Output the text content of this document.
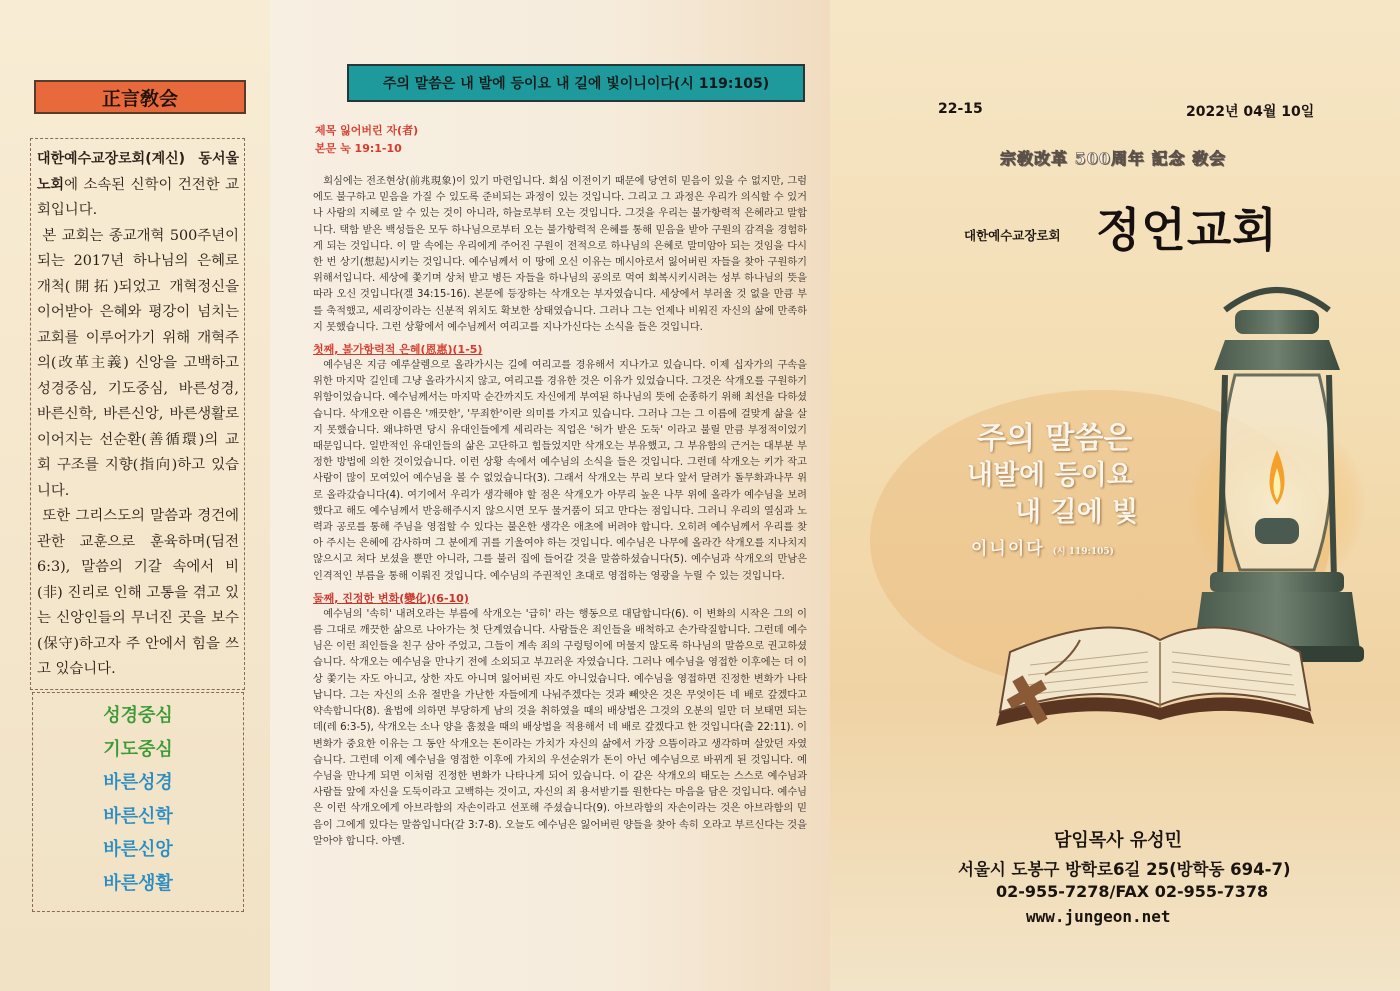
正言敎会

대한예수교장로회(계신) 동서울 노회에 소속된 신학이 건전한 교회입니다.

본 교회는 종교개혁 500주년이 되는 2017년 하나님의 은혜로 개척(開拓)되었고 개혁정신을 이어받아 은혜와 평강이 넘치는 교회를 이루어가기 위해 개혁주의(改革主義) 신앙을 고백하고 성경중심, 기도중심, 바른성경, 바른신학, 바른신앙, 바른생활로 이어지는 선순환(善循環)의 교회 구조를 지향(指向)하고 있습니다.

또한 그리스도의 말씀과 경건에 관한 교훈으로 훈육하며(딤전 6:3), 말씀의 기갈 속에서 비(非) 진리로 인해 고통을 겪고 있는 신앙인들의 무너진 곳을 보수(保守)하고자 주 안에서 힘을 쓰고 있습니다.

성경중심
기도중심
바른성경
바른신학
바른신앙
바른생활
주의 말씀은 내 발에 등이요 내 길에 빛이니이다(시 119:105)
제목 잃어버린 자(者)
본문 눅 19:1-10

회심에는 전조현상(前兆現象)이 있기 마련입니다. 회심 이전이기 때문에 당연히 믿음이 있을 수 없지만, 그럼에도 불구하고 믿음을 가질 수 있도록 준비되는 과정이 있는 것입니다. 그리고 그 과정은 우리가 의식할 수 있거나 사람의 지혜로 알 수 있는 것이 아니라, 하늘로부터 오는 것입니다. 그것을 우리는 불가항력적 은혜라고 말합니다. 택함 받은 백성들은 모두 하나님으로부터 오는 불가항력적 은혜를 통해 믿음을 받아 구원의 감격을 경험하게 되는 것입니다. 이 말 속에는 우리에게 주어진 구원이 전적으로 하나님의 은혜로 말미암아 되는 것임을 다시 한 번 상기(想起)시키는 것입니다. 예수님께서 이 땅에 오신 이유는 메시아로서 잃어버린 자들을 찾아 구원하기 위해서입니다. 세상에 쫓기며 상처 받고 병든 자들을 하나님의 공의로 먹여 회복시키시려는 성부 하나님의 뜻을 따라 오신 것입니다(겔 34:15-16). 본문에 등장하는 삭개오는 부자였습니다. 세상에서 부러울 것 없을 만큼 부를 축적했고, 세리장이라는 신분적 위치도 확보한 상태였습니다. 그러나 그는 언제나 비워진 자신의 삶에 만족하지 못했습니다. 그런 상황에서 예수님께서 여리고를 지나가신다는 소식을 들은 것입니다.

첫째, 불가항력적 은혜(恩惠)(1-5)

예수님은 지금 예루살렘으로 올라가시는 길에 여리고를 경유해서 지나가고 있습니다. 이제 십자가의 구속을 위한 마지막 길인데 그냥 올라가시지 않고, 여리고를 경유한 것은 이유가 있었습니다. 그것은 삭개오를 구원하기 위함이었습니다. 예수님께서는 마지막 순간까지도 자신에게 부여된 하나님의 뜻에 순종하기 위해 최선을 다하셨습니다. 삭개오란 이름은 '깨끗한', '무죄한'이란 의미를 가지고 있습니다. 그러나 그는 그 이름에 걸맞게 삶을 살지 못했습니다. 왜냐하면 당시 유대인들에게 세리라는 직업은 '허가 받은 도둑' 이라고 불릴 만큼 부정적이었기 때문입니다. 일반적인 유대인들의 삶은 고단하고 힘들었지만 삭개오는 부유했고, 그 부유함의 근거는 대부분 부정한 방법에 의한 것이었습니다. 이런 상황 속에서 예수님의 소식을 들은 것입니다. 그런데 삭개오는 키가 작고 사람이 많이 모여있어 예수님을 볼 수 없었습니다(3). 그래서 삭개오는 무리 보다 앞서 달려가 돌무화과나무 위로 올라갔습니다(4). 여기에서 우리가 생각해야 할 점은 삭개오가 아무리 높은 나무 위에 올라가 예수님을 보려했다고 해도 예수님께서 반응해주시지 않으시면 모두 물거품이 되고 만다는 점입니다. 그러니 우리의 열심과 노력과 공로를 통해 주님을 영접할 수 있다는 불온한 생각은 애초에 버려야 합니다. 오히려 예수님께서 우리를 찾아 주시는 은혜에 감사하며 그 분에게 귀를 기울여야 하는 것입니다. 예수님은 나무에 올라간 삭개오를 지나치지 않으시고 쳐다 보셨을 뿐만 아니라, 그를 불러 집에 들어갈 것을 말씀하셨습니다(5). 예수님과 삭개오의 만남은 인격적인 부름을 통해 이뤄진 것입니다. 예수님의 주권적인 초대로 영접하는 영광을 누릴 수 있는 것입니다.

둘째, 진정한 변화(變化)(6-10)

예수님의 '속히' 내려오라는 부름에 삭개오는 '급히' 라는 행동으로 대답합니다(6). 이 변화의 시작은 그의 이름 그대로 깨끗한 삶으로 나아가는 첫 단계였습니다. 사람들은 죄인들을 배척하고 손가락질합니다. 그런데 예수님은 이런 죄인들을 친구 삼아 주었고, 그들이 계속 죄의 구렁텅이에 머물지 않도록 하나님의 말씀으로 권고하셨습니다. 삭개오는 예수님을 만나기 전에 소외되고 부끄러운 자였습니다. 그러나 예수님을 영접한 이후에는 더 이상 쫓기는 자도 아니고, 상한 자도 아니며 잃어버린 자도 아니었습니다. 예수님을 영접하면 진정한 변화가 나타납니다. 그는 자신의 소유 절반을 가난한 자들에게 나눠주겠다는 것과 빼앗은 것은 무엇이든 네 배로 갚겠다고 약속합니다(8). 율법에 의하면 부당하게 남의 것을 취하였을 때의 배상법은 그것의 오분의 일만 더 보태면 되는데(레 6:3-5), 삭개오는 소나 양을 훔쳤을 때의 배상법을 적용해서 네 배로 갚겠다고 한 것입니다(출 22:11). 이 변화가 중요한 이유는 그 동안 삭개오는 돈이라는 가치가 자신의 삶에서 가장 으뜸이라고 생각하며 살았던 자였습니다. 그런데 이제 예수님을 영접한 이후에 가치의 우선순위가 돈이 아닌 예수님으로 바뀌게 된 것입니다. 예수님을 만나게 되면 이처럼 진정한 변화가 나타나게 되어 있습니다. 이 같은 삭개오의 태도는 스스로 예수님과 사람들 앞에 자신을 도둑이라고 고백하는 것이고, 자신의 죄 용서받기를 원한다는 마음을 담은 것입니다. 예수님은 이런 삭개오에게 아브라함의 자손이라고 선포해 주셨습니다(9). 아브라함의 자손이라는 것은 아브라함의 믿음이 그에게 있다는 말씀입니다(갈 3:7-8). 오늘도 예수님은 잃어버린 양들을 찾아 속히 오라고 부르신다는 것을 알아야 합니다. 아멘.

22-15	2022년 04월 10일
宗敎改革 500周年 記念 敎会
대한예수교장로회 정언교회
주의 말씀은
내발에 등이요
내 길에 빛
이니이다 (시 119:105)
담임목사 유성민
서울시 도봉구 방학로6길 25(방학동 694-7)
02-955-7278/FAX 02-955-7378
www.jungeon.net
